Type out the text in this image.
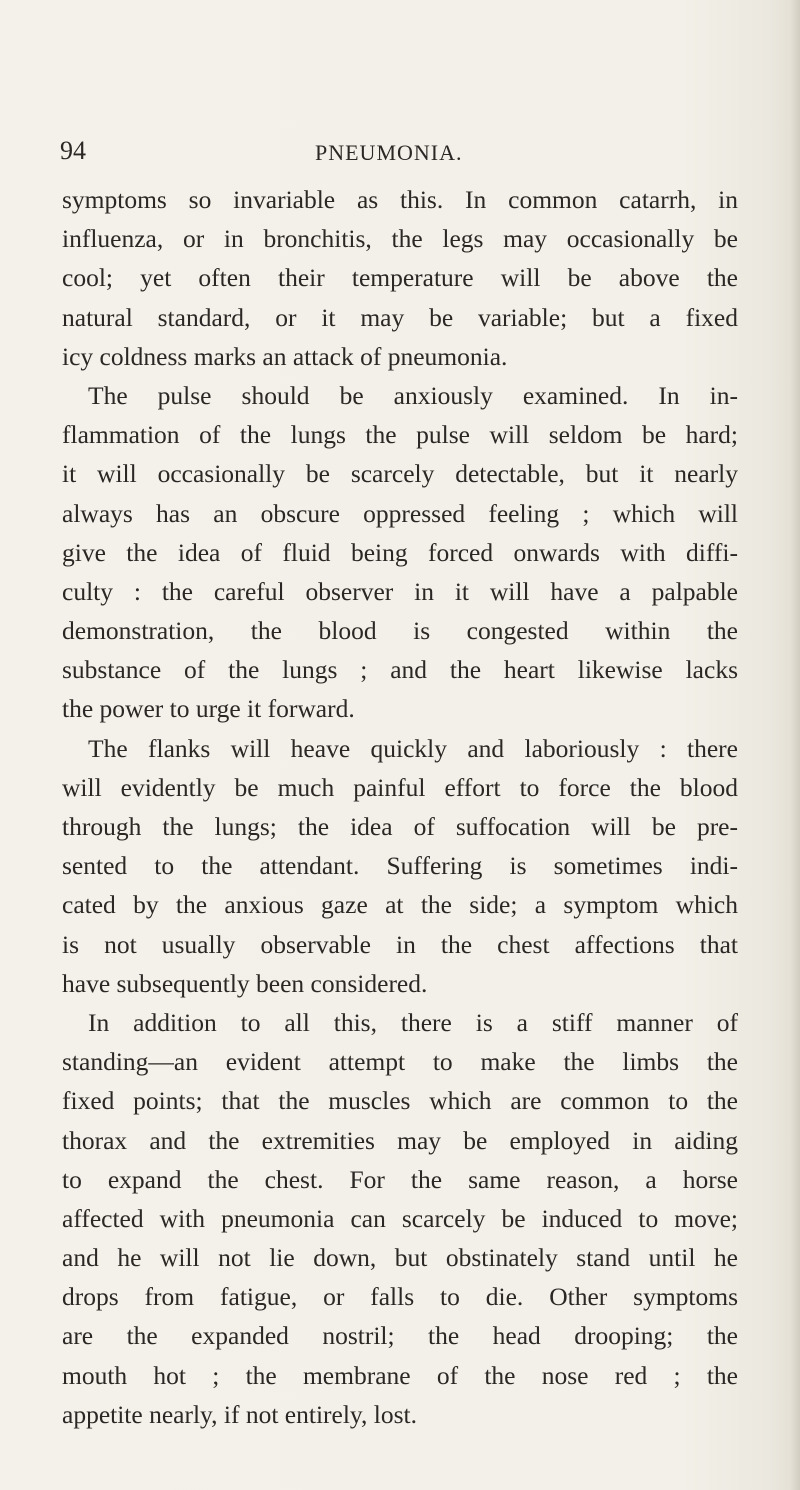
94	PNEUMONIA.
symptoms so invariable as this. In common catarrh, in
influenza, or in bronchitis, the legs may occasionally be
cool; yet often their temperature will be above the
natural standard, or it may be variable; but a fixed
icy coldness marks an attack of pneumonia.
The pulse should be anxiously examined. In in-
flammation of the lungs the pulse will seldom be hard;
it will occasionally be scarcely detectable, but it nearly
always has an obscure oppressed feeling ; which will
give the idea of fluid being forced onwards with diffi-
culty : the careful observer in it will have a palpable
demonstration, the blood is congested within the
substance of the lungs ; and the heart likewise lacks
the power to urge it forward.
The flanks will heave quickly and laboriously : there
will evidently be much painful effort to force the blood
through the lungs; the idea of suffocation will be pre-
sented to the attendant. Suffering is sometimes indi-
cated by the anxious gaze at the side; a symptom which
is not usually observable in the chest affections that
have subsequently been considered.
In addition to all this, there is a stiff manner of
standing—an evident attempt to make the limbs the
fixed points; that the muscles which are common to the
thorax and the extremities may be employed in aiding
to expand the chest. For the same reason, a horse
affected with pneumonia can scarcely be induced to move;
and he will not lie down, but obstinately stand until he
drops from fatigue, or falls to die. Other symptoms
are the expanded nostril; the head drooping; the
mouth hot ; the membrane of the nose red ; the
appetite nearly, if not entirely, lost.
